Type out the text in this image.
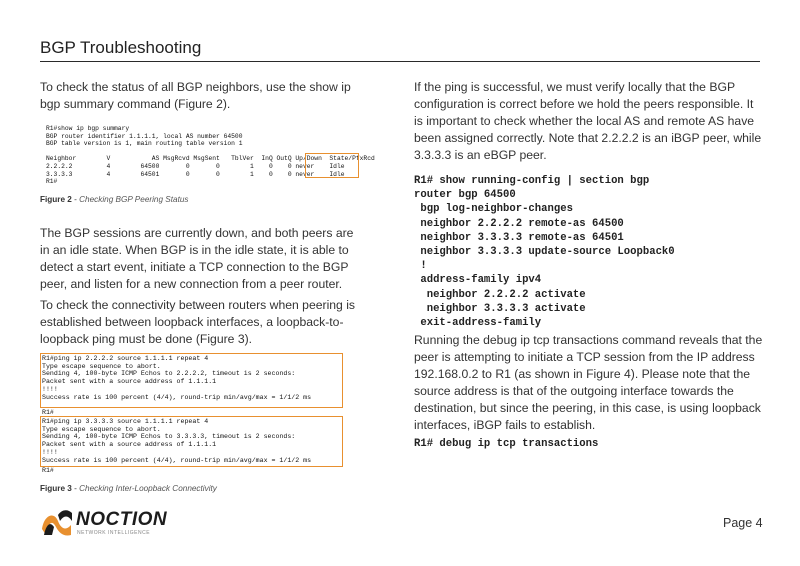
BGP Troubleshooting
To check the status of all BGP neighbors, use the show ip bgp summary command (Figure 2).
R1#show ip bgp summary
BGP router identifier 1.1.1.1, local AS number 64500
BGP table version is 1, main routing table version 1
Neighbor        V           AS MsgRcvd MsgSent   TblVer  InQ OutQ Up/Down  State/PfxRcd
2.2.2.2         4        64500       0       0        1    0    0 never    Idle
3.3.3.3         4        64501       0       0        1    0    0 never    Idle
R1#
Figure 2 - Checking BGP Peering Status
The BGP sessions are currently down, and both peers are in an idle state. When BGP is in the idle state, it is able to detect a start event, initiate a TCP connection to the BGP peer, and listen for a new connection from a peer router.
To check the connectivity between routers when peering is established between loopback interfaces, a loopback-to-loopback ping must be done (Figure 3).
R1#ping ip 2.2.2.2 source 1.1.1.1 repeat 4
Type escape sequence to abort.
Sending 4, 100-byte ICMP Echos to 2.2.2.2, timeout is 2 seconds:
Packet sent with a source address of 1.1.1.1
!!!!
Success rate is 100 percent (4/4), round-trip min/avg/max = 1/1/2 ms
R1#
R1#ping ip 3.3.3.3 source 1.1.1.1 repeat 4
Type escape sequence to abort.
Sending 4, 100-byte ICMP Echos to 3.3.3.3, timeout is 2 seconds:
Packet sent with a source address of 1.1.1.1
!!!!
Success rate is 100 percent (4/4), round-trip min/avg/max = 1/1/2 ms
R1#
Figure 3 - Checking Inter-Loopback Connectivity
If the ping is successful, we must verify locally that the BGP configuration is correct before we hold the peers responsible. It is important to check whether the local AS and remote AS have been assigned correctly. Note that 2.2.2.2 is an iBGP peer, while 3.3.3.3 is an eBGP peer.
R1# show running-config | section bgp
router bgp 64500
bgp log-neighbor-changes
neighbor 2.2.2.2 remote-as 64500
neighbor 3.3.3.3 remote-as 64501
neighbor 3.3.3.3 update-source Loopback0
!
address-family ipv4
neighbor 2.2.2.2 activate
neighbor 3.3.3.3 activate
exit-address-family
Running the debug ip tcp transactions command reveals that the peer is attempting to initiate a TCP session from the IP address 192.168.0.2 to R1 (as shown in Figure 4). Please note that the source address is that of the outgoing interface towards the destination, but since the peering, in this case, is using loopback interfaces, iBGP fails to establish.
R1# debug ip tcp transactions
NOCTION
NETWORK INTELLIGENCE
Page 4
